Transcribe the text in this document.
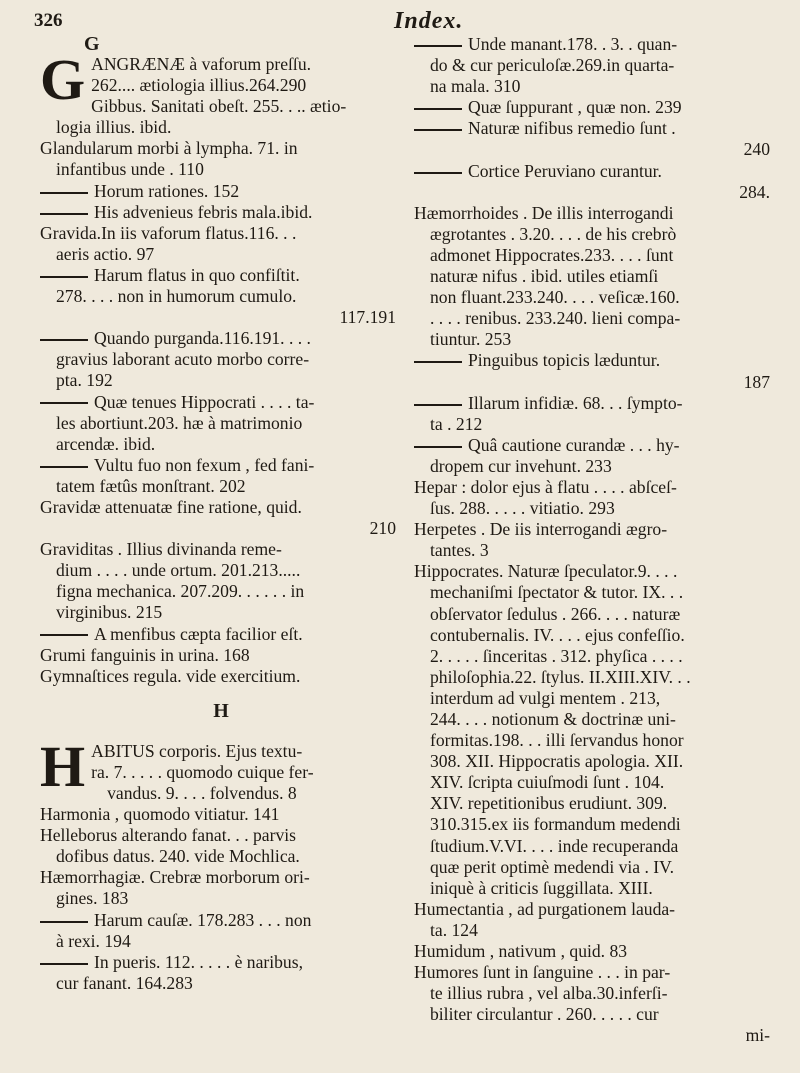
326	Index.
G
G ANGRÆNÆ à vaforum preſſu.
262.... ætiologia illius.264.290
Gibbus. Sanitati obeſt. 255. . .. ætio-
logia illius. ibid.
Glandularum morbi à lympha. 71. in
infantibus unde . 110
Horum rationes. 152
His advenieus febris mala.ibid.
Gravida.In iis vaforum flatus.116. . .
aeris actio. 97
Harum flatus in quo confiſtit.
278. . . . non in humorum cumulo.
117.191
Quando purganda.116.191. . . .
gravius laborant acuto morbo corre-
pta. 192
Quæ tenues Hippocrati . . . . ta-
les abortiunt.203. hæ à matrimonio
arcendæ. ibid.
Vultu fuo non fexum , fed fani-
tatem fætûs monſtrant. 202
Gravidæ attenuatæ fine ratione, quid.
210
Graviditas . Illius divinanda reme-
dium . . . . unde ortum. 201.213.....
figna mechanica. 207.209. . . . . . in
virginibus. 215
A menfibus cæpta facilior eſt.
Grumi fanguinis in urina. 168
Gymnaſtices regula. vide exercitium.
H
H ABITUS corporis. Ejus textu-
ra. 7. . . . . quomodo cuique fer-
vandus. 9. . . . folvendus. 8
Harmonia , quomodo vitiatur. 141
Helleborus alterando fanat. . . parvis
dofibus datus. 240. vide Mochlica.
Hæmorrhagiæ. Crebræ morborum ori-
gines. 183
Harum cauſæ. 178.283 . . . non
à rexi. 194
In pueris. 112. . . . . è naribus,
cur fanant. 164.283
Unde manant.178. . 3. . quan-
do & cur periculoſæ.269.in quarta-
na mala. 310
Quæ ſuppurant , quæ non. 239
Naturæ nifibus remedio ſunt .
240
Cortice Peruviano curantur.
284.
Hæmorrhoides . De illis interrogandi
ægrotantes . 3.20. . . . de his crebrò
admonet Hippocrates.233. . . . ſunt
naturæ nifus . ibid. utiles etiamſi
non fluant.233.240. . . . veſicæ.160.
. . . . renibus. 233.240. lieni compa-
tiuntur. 253
Pinguibus topicis læduntur.
187
Illarum infidiæ. 68. . . ſympto-
ta . 212
Quâ cautione curandæ . . . hy-
dropem cur invehunt. 233
Hepar : dolor ejus à flatu . . . . abſceſ-
ſus. 288. . . . . vitiatio. 293
Herpetes . De iis interrogandi ægro-
tantes. 3
Hippocrates. Naturæ ſpeculator.9. . . .
mechaniſmi ſpectator & tutor. IX. . .
obſervator ſedulus . 266. . . . naturæ
contubernalis. IV. . . . ejus confeſſio.
2. . . . . ſinceritas . 312. phyſica . . . .
philoſophia.22. ſtylus. II.XIII.XIV. . .
interdum ad vulgi mentem . 213,
244. . . . notionum & doctrinæ uni-
formitas.198. . . illi ſervandus honor
308. XII. Hippocratis apologia. XII.
XIV. ſcripta cuiuſmodi ſunt . 104.
XIV. repetitionibus erudiunt. 309.
310.315.ex iis formandum medendi
ſtudium.V.VI. . . . inde recuperanda
quæ perit optimè medendi via . IV.
iniquè à criticis ſuggillata. XIII.
Humectantia , ad purgationem lauda-
ta. 124
Humidum , nativum , quid. 83
Humores ſunt in ſanguine . . . in par-
te illius rubra , vel alba.30.inferſi-
biliter circulantur . 260. . . . . cur
mi-
